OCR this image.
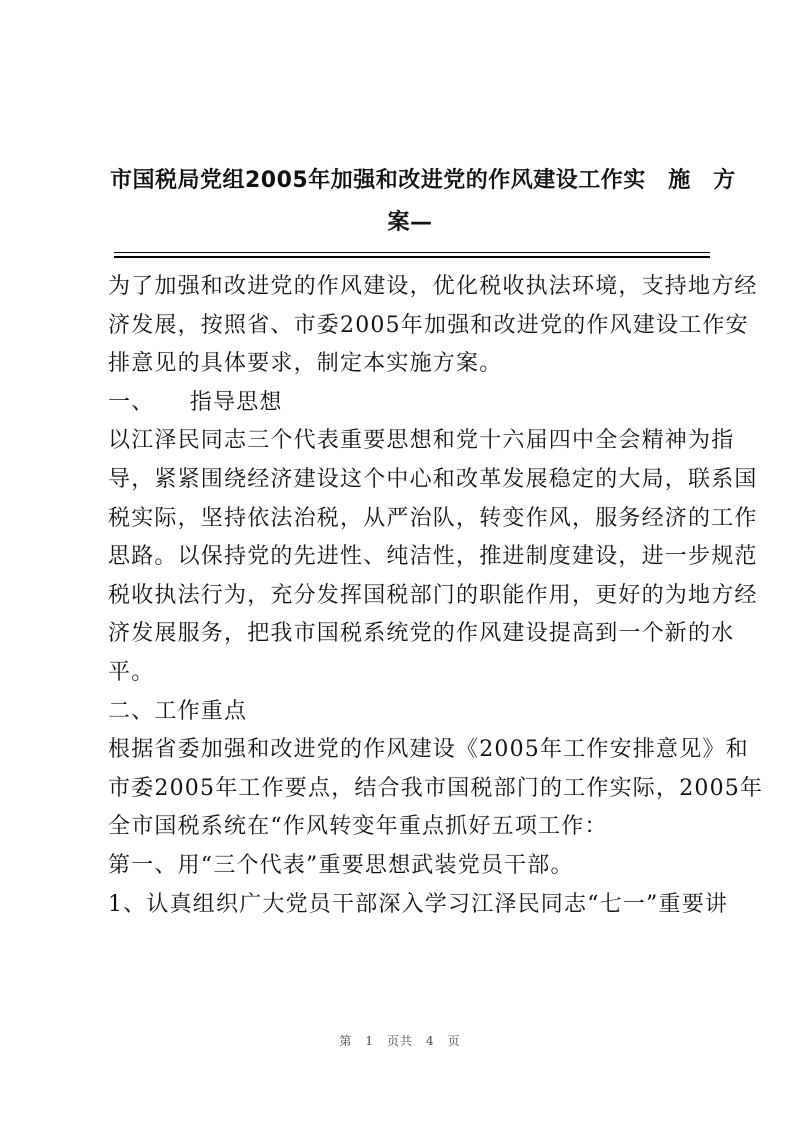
市国税局党组2005年加强和改进党的作风建设工作实　施　方
案—
为了加强和改进党的作风建设，优化税收执法环境，支持地方经
济发展，按照省、市委2005年加强和改进党的作风建设工作安
排意见的具体要求，制定本实施方案。
一、　　指导思想
以江泽民同志三个代表重要思想和党十六届四中全会精神为指
导，紧紧围绕经济建设这个中心和改革发展稳定的大局，联系国
税实际，坚持依法治税，从严治队，转变作风，服务经济的工作
思路。以保持党的先进性、纯洁性，推进制度建设，进一步规范
税收执法行为，充分发挥国税部门的职能作用，更好的为地方经
济发展服务，把我市国税系统党的作风建设提高到一个新的水
平。
二、工作重点
根据省委加强和改进党的作风建设《2005年工作安排意见》和
市委2005年工作要点，结合我市国税部门的工作实际，2005年
全市国税系统在“作风转变年重点抓好五项工作：
第一、用“三个代表”重要思想武装党员干部。
1、认真组织广大党员干部深入学习江泽民同志“七一”重要讲
第　1　页共　4　页
